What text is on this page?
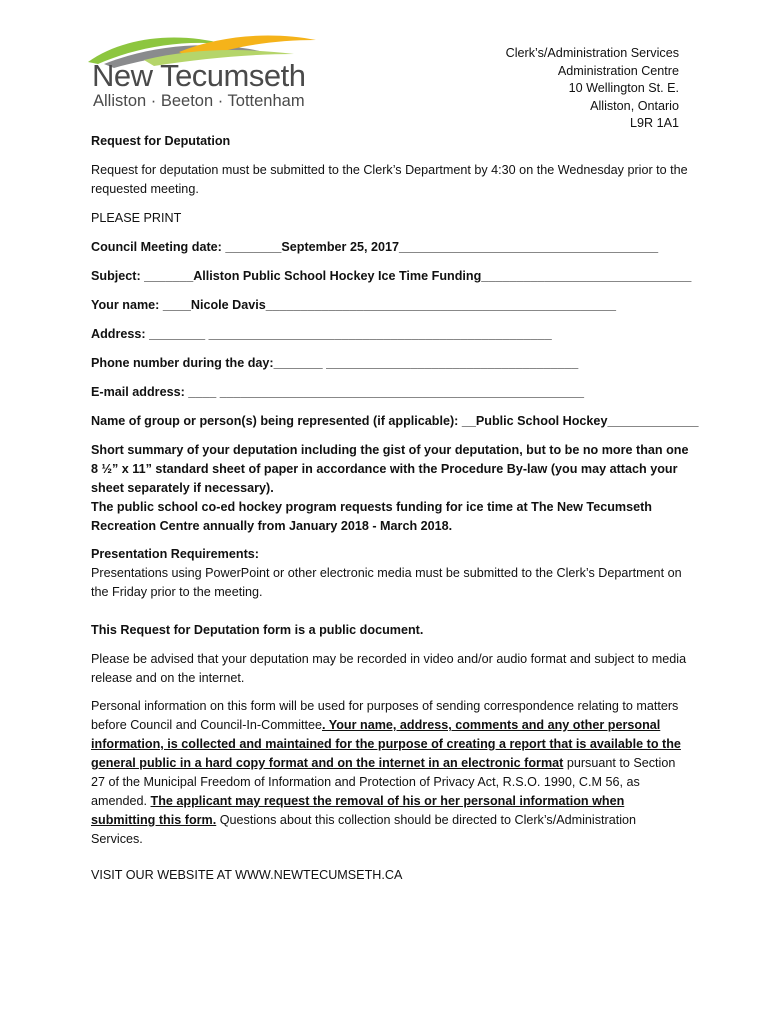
New Tecumseth
Alliston · Beeton · Tottenham
Clerk’s/Administration Services
Administration Centre
10 Wellington St. E.
Alliston, Ontario
L9R 1A1
Request for Deputation
Request for deputation must be submitted to the Clerk’s Department by 4:30 on the Wednesday prior to the requested meeting.
PLEASE PRINT
Council Meeting date: ________September 25, 2017_____________________________________
Subject: _______Alliston Public School Hockey Ice Time Funding______________________________
Your name: ____Nicole Davis__________________________________________________
Address: ________ _________________________________________________
Phone number during the day:_______ ____________________________________
E-mail address: ____ ____________________________________________________
Name of group or person(s) being represented (if applicable): __Public School Hockey_____________
Short summary of your deputation including the gist of your deputation, but to be no more than one 8 ½” x 11” standard sheet of paper in accordance with the Procedure By-law (you may attach your sheet separately if necessary).
The public school co-ed hockey program requests funding for ice time at The New Tecumseth Recreation Centre annually from January 2018 - March 2018.
Presentation Requirements:
Presentations using PowerPoint or other electronic media must be submitted to the Clerk’s Department on the Friday prior to the meeting.
This Request for Deputation form is a public document.
Please be advised that your deputation may be recorded in video and/or audio format and subject to media release and on the internet.
Personal information on this form will be used for purposes of sending correspondence relating to matters before Council and Council-In-Committee. Your name, address, comments and any other personal information, is collected and maintained for the purpose of creating a report that is available to the general public in a hard copy format and on the internet in an electronic format pursuant to Section 27 of the Municipal Freedom of Information and Protection of Privacy Act, R.S.O. 1990, C.M 56, as amended. The applicant may request the removal of his or her personal information when submitting this form. Questions about this collection should be directed to Clerk’s/Administration Services.
VISIT OUR WEBSITE AT WWW.NEWTECUMSETH.CA
